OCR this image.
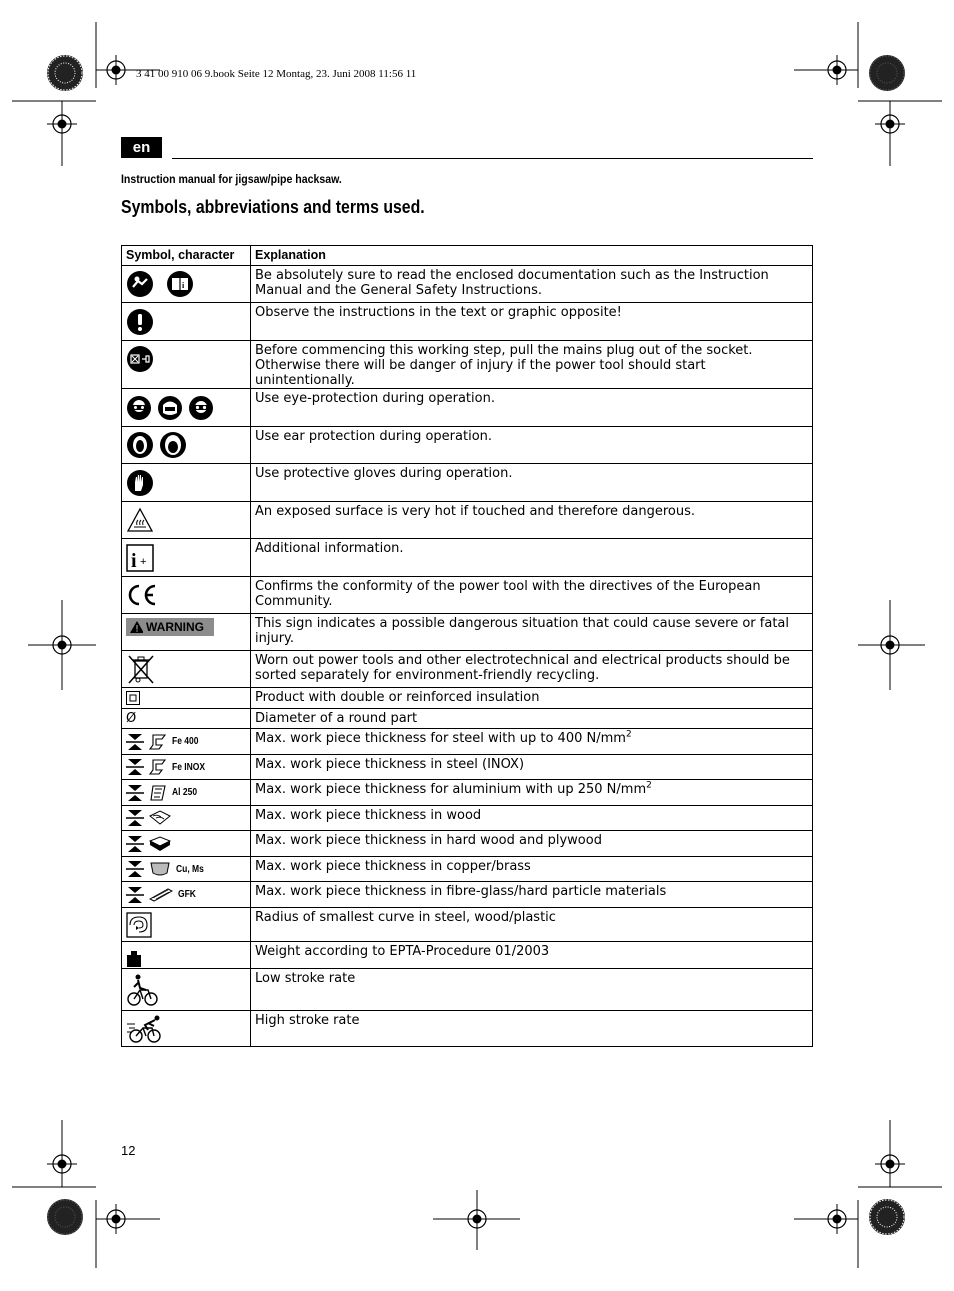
3 41 00 910 06 9.book Seite 12 Montag, 23. Juni 2008 11:56 11
en
Instruction manual for jigsaw/pipe hacksaw.
Symbols, abbreviations and terms used.
Symbol, character	Explanation

i	Be absolutely sure to read the enclosed documentation such as the Instruction Manual and the General Safety Instructions.

	Observe the instructions in the text or graphic opposite!

	Before commencing this working step, pull the mains plug out of the socket. Otherwise there will be danger of injury if the power tool should start unintentionally.

	Use eye-protection during operation.

	Use ear protection during operation.

	Use protective gloves during operation.

	An exposed surface is very hot if touched and therefore dangerous.

i +	Additional information.

	Confirms the conformity of the power tool with the directives of the European Community.

WARNING	This sign indicates a possible dangerous situation that could cause severe or fatal injury.

	Worn out power tools and other electrotechnical and electrical products should be sorted separately for environment-friendly recycling.

	Product with double or reinforced insulation
Ø	Diameter of a round part

Fe 400	Max. work piece thickness for steel with up to 400 $N/mm^2$

Fe INOX	Max. work piece thickness in steel (INOX)

Al 250	Max. work piece thickness for aluminium with up 250 $N/mm^2$

	Max. work piece thickness in wood

	Max. work piece thickness in hard wood and plywood

Cu, Ms	Max. work piece thickness in copper/brass

GFK	Max. work piece thickness in fibre-glass/hard particle materials

	Radius of smallest curve in steel, wood/plastic

	Weight according to EPTA-Procedure 01/2003

	Low stroke rate

	High stroke rate
12
